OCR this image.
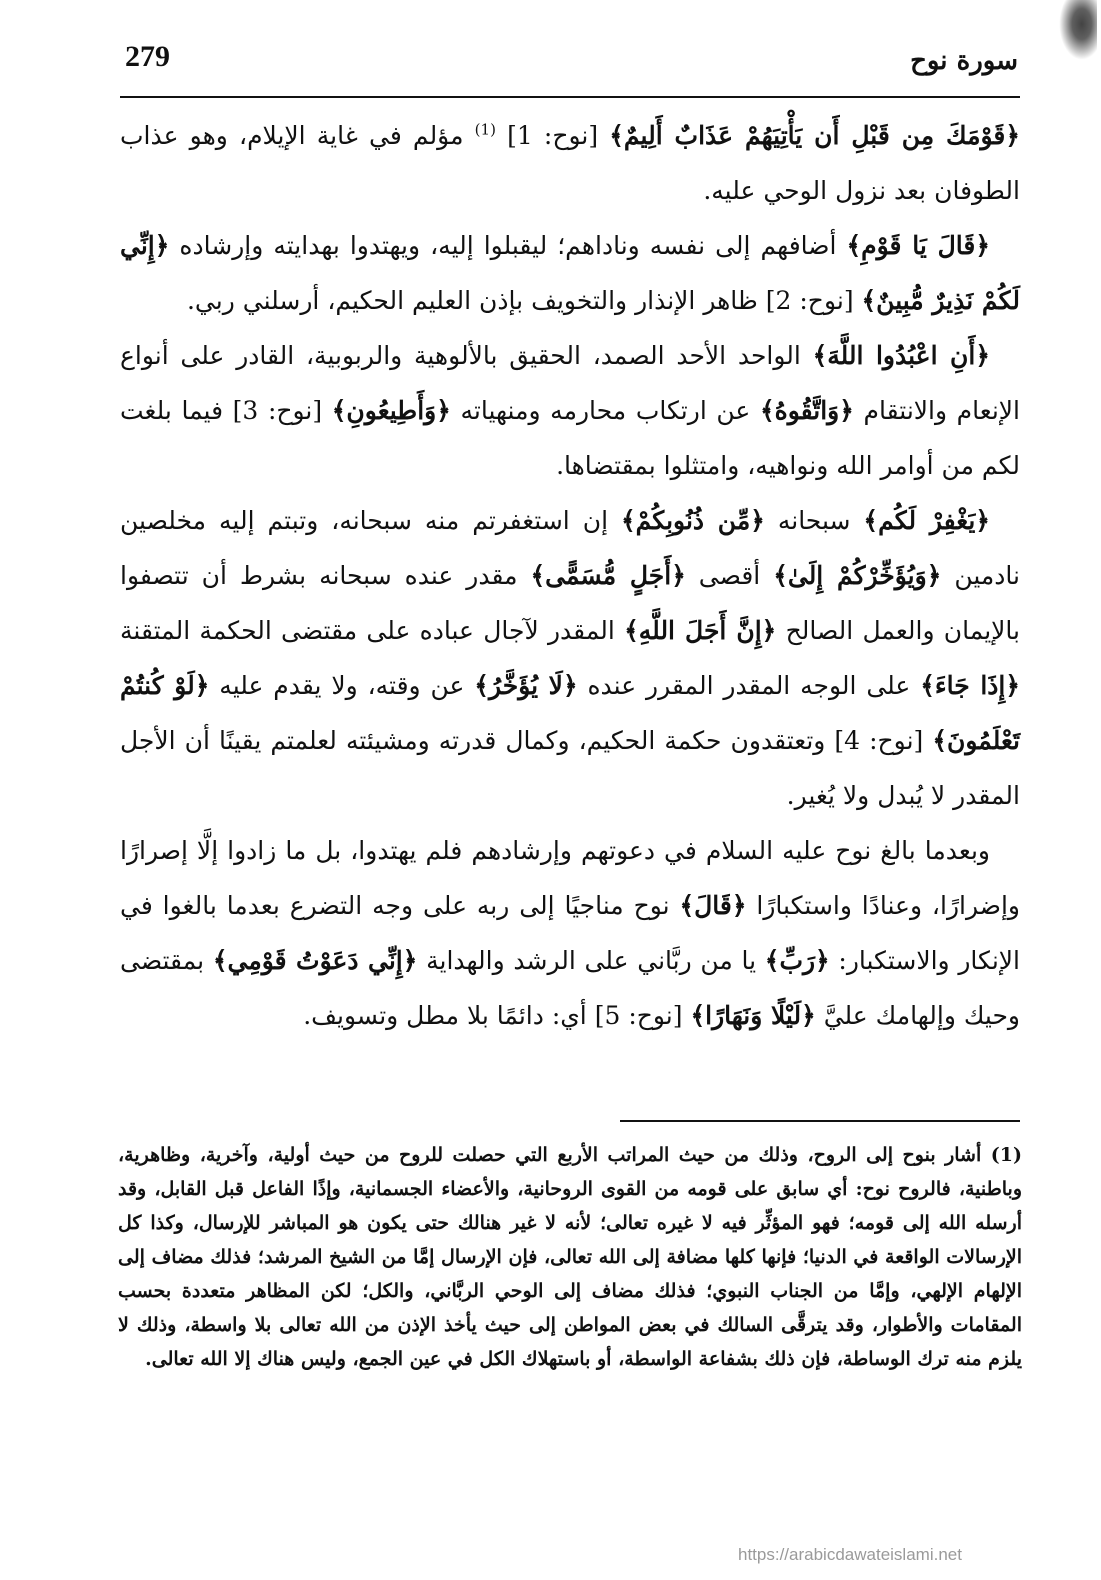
279	سورة نوح

﴿قَوْمَكَ مِن قَبْلِ أَن يَأْتِيَهُمْ عَذَابٌ أَلِيمٌ﴾ [نوح: 1] $^{(1)}$ مؤلم في غاية الإيلام، وهو عذاب الطوفان بعد نزول الوحي عليه.

﴿قَالَ يَا قَوْمِ﴾ أضافهم إلى نفسه وناداهم؛ ليقبلوا إليه، ويهتدوا بهدايته وإرشاده ﴿إِنِّي لَكُمْ نَذِيرٌ مُّبِينٌ﴾ [نوح: 2] ظاهر الإنذار والتخويف بإذن العليم الحكيم، أرسلني ربي.

﴿أَنِ اعْبُدُوا اللَّهَ﴾ الواحد الأحد الصمد، الحقيق بالألوهية والربوبية، القادر على أنواع الإنعام والانتقام ﴿وَاتَّقُوهُ﴾ عن ارتكاب محارمه ومنهياته ﴿وَأَطِيعُونِ﴾ [نوح: 3] فيما بلغت لكم من أوامر الله ونواهيه، وامتثلوا بمقتضاها.

﴿يَغْفِرْ لَكُم﴾ سبحانه ﴿مِّن ذُنُوبِكُمْ﴾ إن استغفرتم منه سبحانه، وتبتم إليه مخلصين نادمين ﴿وَيُؤَخِّرْكُمْ إِلَىٰ﴾ أقصى ﴿أَجَلٍ مُّسَمًّى﴾ مقدر عنده سبحانه بشرط أن تتصفوا بالإيمان والعمل الصالح ﴿إِنَّ أَجَلَ اللَّهِ﴾ المقدر لآجال عباده على مقتضى الحكمة المتقنة ﴿إِذَا جَاءَ﴾ على الوجه المقدر المقرر عنده ﴿لَا يُؤَخَّرُ﴾ عن وقته، ولا يقدم عليه ﴿لَوْ كُنتُمْ تَعْلَمُونَ﴾ [نوح: 4] وتعتقدون حكمة الحكيم، وكمال قدرته ومشيئته لعلمتم يقينًا أن الأجل المقدر لا يُبدل ولا يُغير.

وبعدما بالغ نوح عليه السلام في دعوتهم وإرشادهم فلم يهتدوا، بل ما زادوا إلَّا إصرارًا وإضرارًا، وعنادًا واستكبارًا ﴿قَالَ﴾ نوح مناجيًا إلى ربه على وجه التضرع بعدما بالغوا في الإنكار والاستكبار: ﴿رَبِّ﴾ يا من ربَّاني على الرشد والهداية ﴿إِنِّي دَعَوْتُ قَوْمِي﴾ بمقتضى وحيك وإلهامك عليَّ ﴿لَيْلًا وَنَهَارًا﴾ [نوح: 5] أي: دائمًا بلا مطل وتسويف.

(1) أشار بنوح إلى الروح، وذلك من حيث المراتب الأربع التي حصلت للروح من حيث أولية، وآخرية، وظاهرية، وباطنية، فالروح نوح: أي سابق على قومه من القوى الروحانية، والأعضاء الجسمانية، وإذًا الفاعل قبل القابل، وقد أرسله الله إلى قومه؛ فهو المؤثِّر فيه لا غيره تعالى؛ لأنه لا غير هنالك حتى يكون هو المباشر للإرسال، وكذا كل الإرسالات الواقعة في الدنيا؛ فإنها كلها مضافة إلى الله تعالى، فإن الإرسال إمَّا من الشيخ المرشد؛ فذلك مضاف إلى الإلهام الإلهي، وإمَّا من الجناب النبوي؛ فذلك مضاف إلى الوحي الربَّاني، والكل؛ لكن المظاهر متعددة بحسب المقامات والأطوار، وقد يترقَّى السالك في بعض المواطن إلى حيث يأخذ الإذن من الله تعالى بلا واسطة، وذلك لا يلزم منه ترك الوساطة، فإن ذلك بشفاعة الواسطة، أو باستهلاك الكل في عين الجمع، وليس هناك إلا الله تعالى.

https://arabicdawateislami.net
